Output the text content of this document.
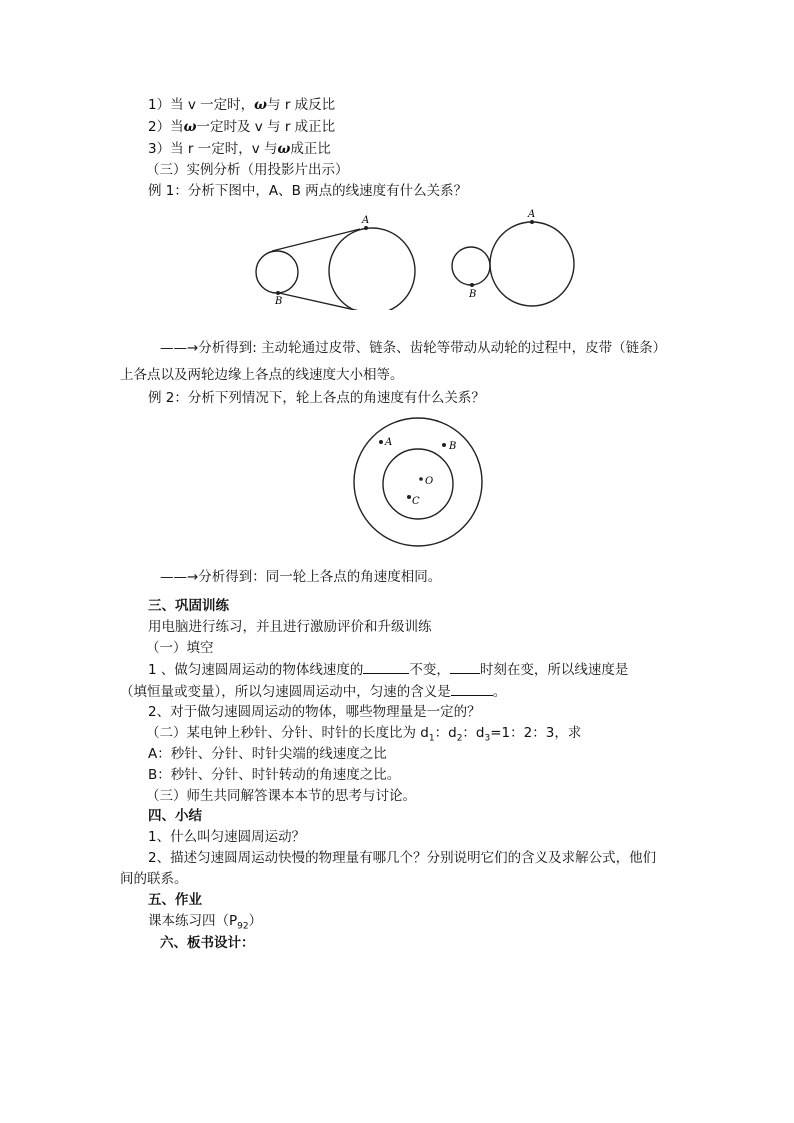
1）当 v 一定时，ω与 r 成反比
2）当ω一定时及 v 与 r 成正比
3）当 r 一定时，v 与ω成正比
（三）实例分析（用投影片出示）
例 1：分析下图中，A、B 两点的线速度有什么关系？
A
B
A
B
——→分析得到: 主动轮通过皮带、链条、齿轮等带动从动轮的过程中，皮带（链条）
上各点以及两轮边缘上各点的线速度大小相等。
例 2：分析下列情况下，轮上各点的角速度有什么关系？
A	B
O
C
——→分析得到：同一轮上各点的角速度相同。
三、巩固训练
用电脑进行练习，并且进行激励评价和升级训练
（一）填空
1 、做匀速圆周运动的物体线速度的	不变， 时刻在变，所以线速度是
（填恒量或变量），所以匀速圆周运动中，匀速的含义是	。
2、对于做匀速圆周运动的物体，哪些物理量是一定的？
（二）某电钟上秒针、分针、时针的长度比为 $d_1$：$d_2$：$d_3=1$：2：3，求
A：秒针、分针、时针尖端的线速度之比
B：秒针、分针、时针转动的角速度之比。
（三）师生共同解答课本本节的思考与讨论。
四、小结
1、什么叫匀速圆周运动？
2、描述匀速圆周运动快慢的物理量有哪几个？分别说明它们的含义及求解公式，他们
间的联系。
五、作业
课本练习四$(P_{92})$
六、板书设计：
